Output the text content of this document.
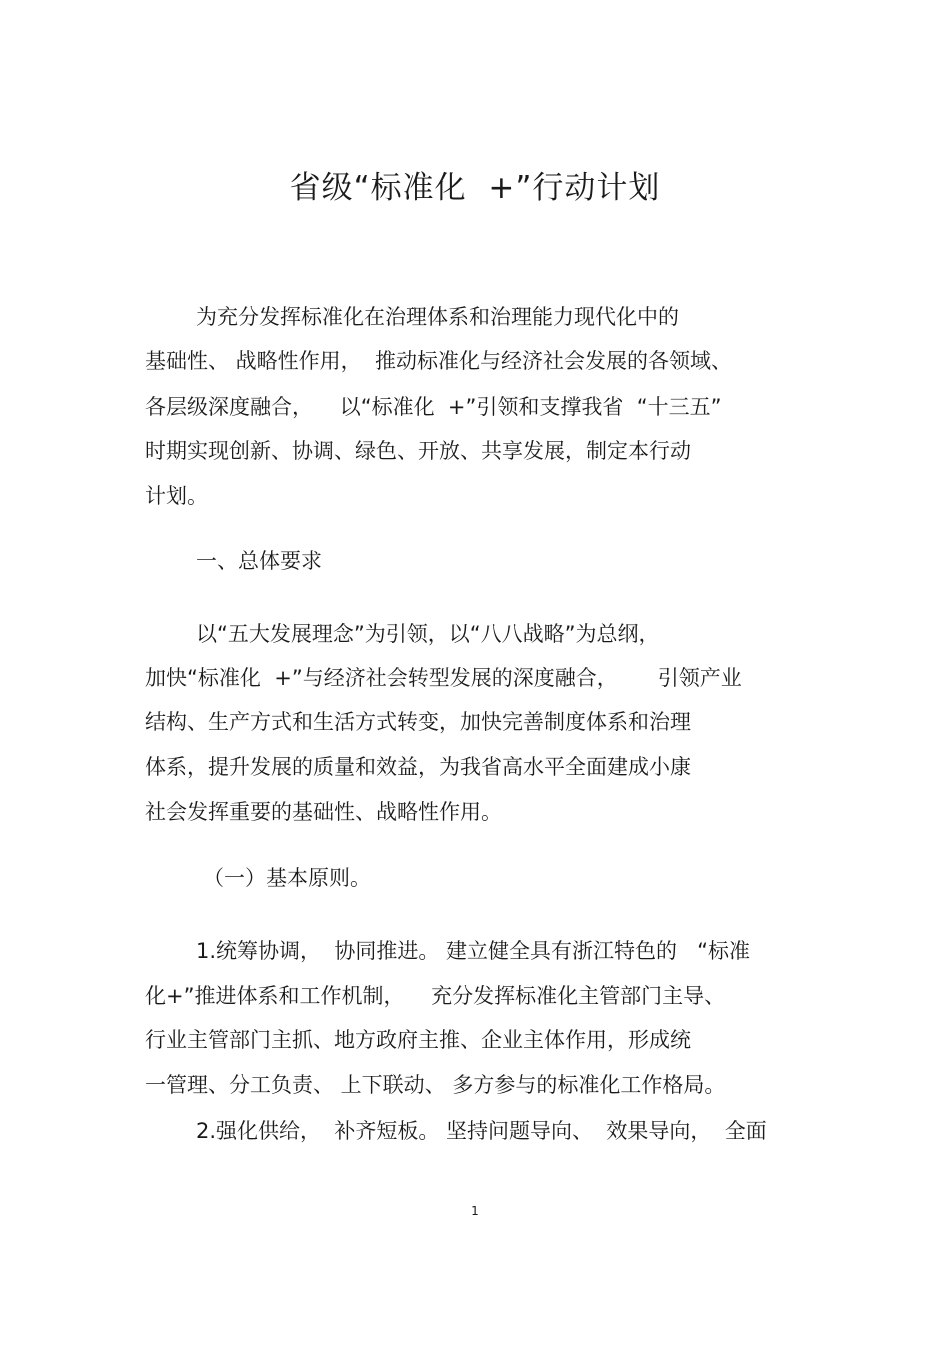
省级“标准化  +”行动计划
为充分发挥标准化在治理体系和治理能力现代化中的
基础性、 战略性作用，  推动标准化与经济社会发展的各领域、
各层级深度融合，    以“标准化  +”引领和支撑我省  “十三五”
时期实现创新、协调、绿色、开放、共享发展，制定本行动
计划。
一、总体要求
以“五大发展理念”为引领，以“八八战略”为总纲，
加快“标准化  +”与经济社会转型发展的深度融合，      引领产业
结构、生产方式和生活方式转变，加快完善制度体系和治理
体系，提升发展的质量和效益，为我省高水平全面建成小康
社会发挥重要的基础性、战略性作用。
（一）基本原则。
1.统筹协调，  协同推进。 建立健全具有浙江特色的   “标准
化+”推进体系和工作机制，    充分发挥标准化主管部门主导、
行业主管部门主抓、地方政府主推、企业主体作用，形成统
一管理、分工负责、 上下联动、 多方参与的标准化工作格局。
2.强化供给，  补齐短板。 坚持问题导向、  效果导向，  全面
1
